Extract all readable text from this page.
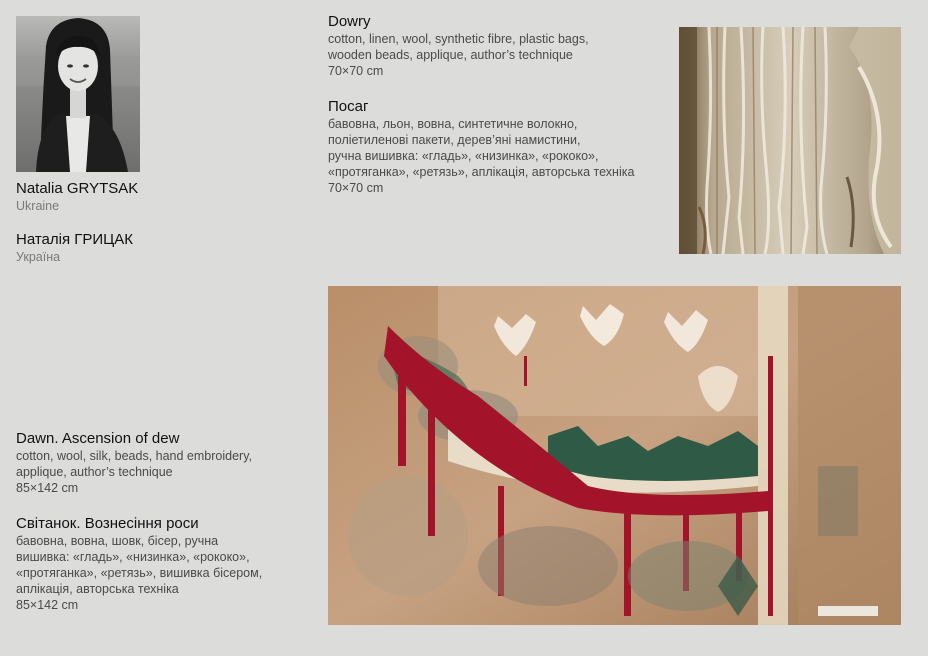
Natalia GRYTSAK
Ukraine
Наталія ГРИЦАК
Україна
Dowry
cotton, linen, wool, synthetic fibre, plastic bags,
wooden beads, applique, author’s technique
70×70 cm
Посаг
бавовна, льон, вовна, синтетичне волокно,
поліетиленові пакети, дерев’яні намистини,
ручна вишивка: «гладь», «низинка», «рококо»,
«протяганка», «ретязь», аплікація, авторська техніка
70×70 cm
Dawn. Ascension of dew
cotton, wool, silk, beads, hand embroidery,
applique, author’s technique
85×142 cm
Світанок. Вознесіння роси
бавовна, вовна, шовк, бісер, ручна
вишивка: «гладь», «низинка», «рококо»,
«протяганка», «ретязь», вишивка бісером,
аплікація, авторська техніка
85×142 cm
